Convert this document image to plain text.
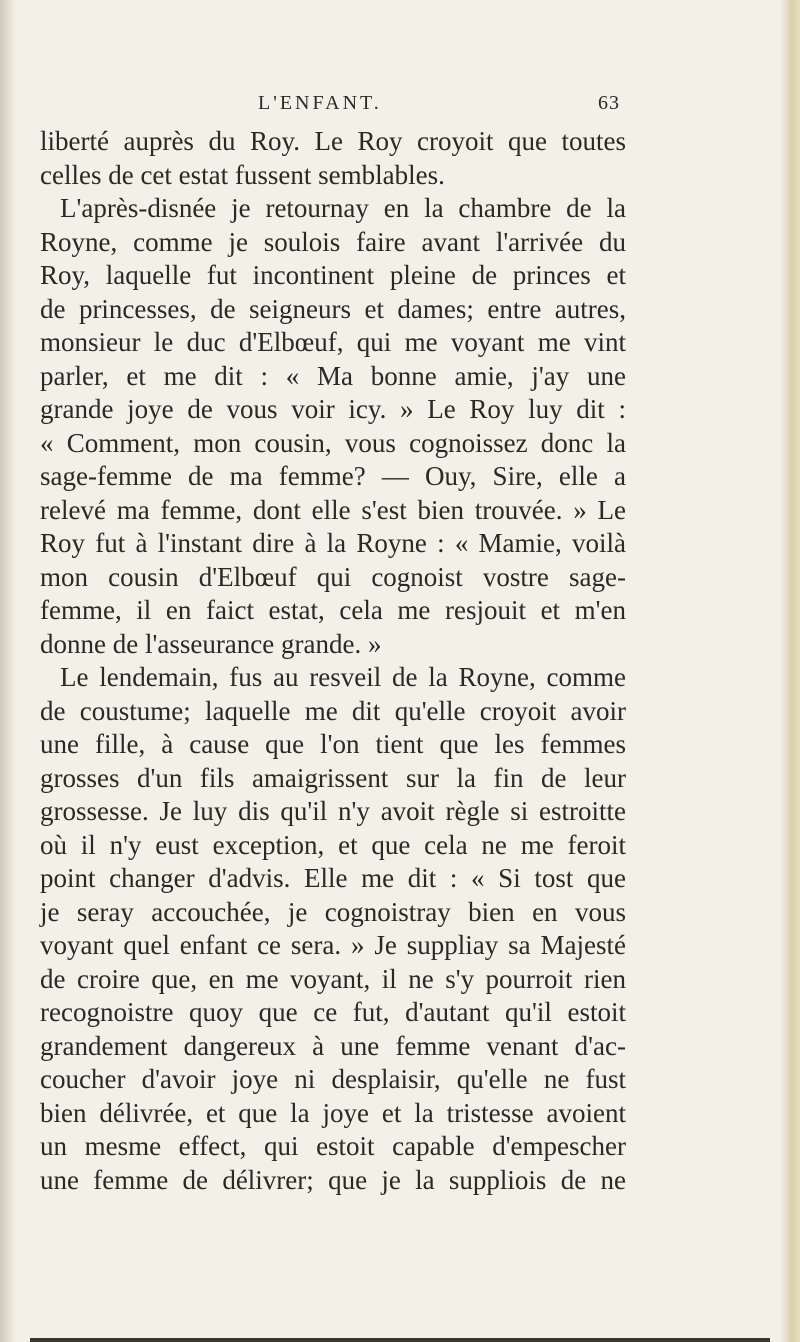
L'ENFANT.	63
liberté auprès du Roy. Le Roy croyoit que toutes
celles de cet estat fussent semblables.
L'après-disnée je retournay en la chambre de la
Royne, comme je soulois faire avant l'arrivée du
Roy, laquelle fut incontinent pleine de princes et
de princesses, de seigneurs et dames; entre autres,
monsieur le duc d'Elbœuf, qui me voyant me vint
parler, et me dit : « Ma bonne amie, j'ay une
grande joye de vous voir icy. » Le Roy luy dit :
« Comment, mon cousin, vous cognoissez donc la
sage-femme de ma femme? — Ouy, Sire, elle a
relevé ma femme, dont elle s'est bien trouvée. » Le
Roy fut à l'instant dire à la Royne : « Mamie, voilà
mon cousin d'Elbœuf qui cognoist vostre sage-
femme, il en faict estat, cela me resjouit et m'en
donne de l'asseurance grande. »
Le lendemain, fus au resveil de la Royne, comme
de coustume; laquelle me dit qu'elle croyoit avoir
une fille, à cause que l'on tient que les femmes
grosses d'un fils amaigrissent sur la fin de leur
grossesse. Je luy dis qu'il n'y avoit règle si estroitte
où il n'y eust exception, et que cela ne me feroit
point changer d'advis. Elle me dit : « Si tost que
je seray accouchée, je cognoistray bien en vous
voyant quel enfant ce sera. » Je suppliay sa Majesté
de croire que, en me voyant, il ne s'y pourroit rien
recognoistre quoy que ce fut, d'autant qu'il estoit
grandement dangereux à une femme venant d'ac-
coucher d'avoir joye ni desplaisir, qu'elle ne fust
bien délivrée, et que la joye et la tristesse avoient
un mesme effect, qui estoit capable d'empescher
une femme de délivrer; que je la suppliois de ne
